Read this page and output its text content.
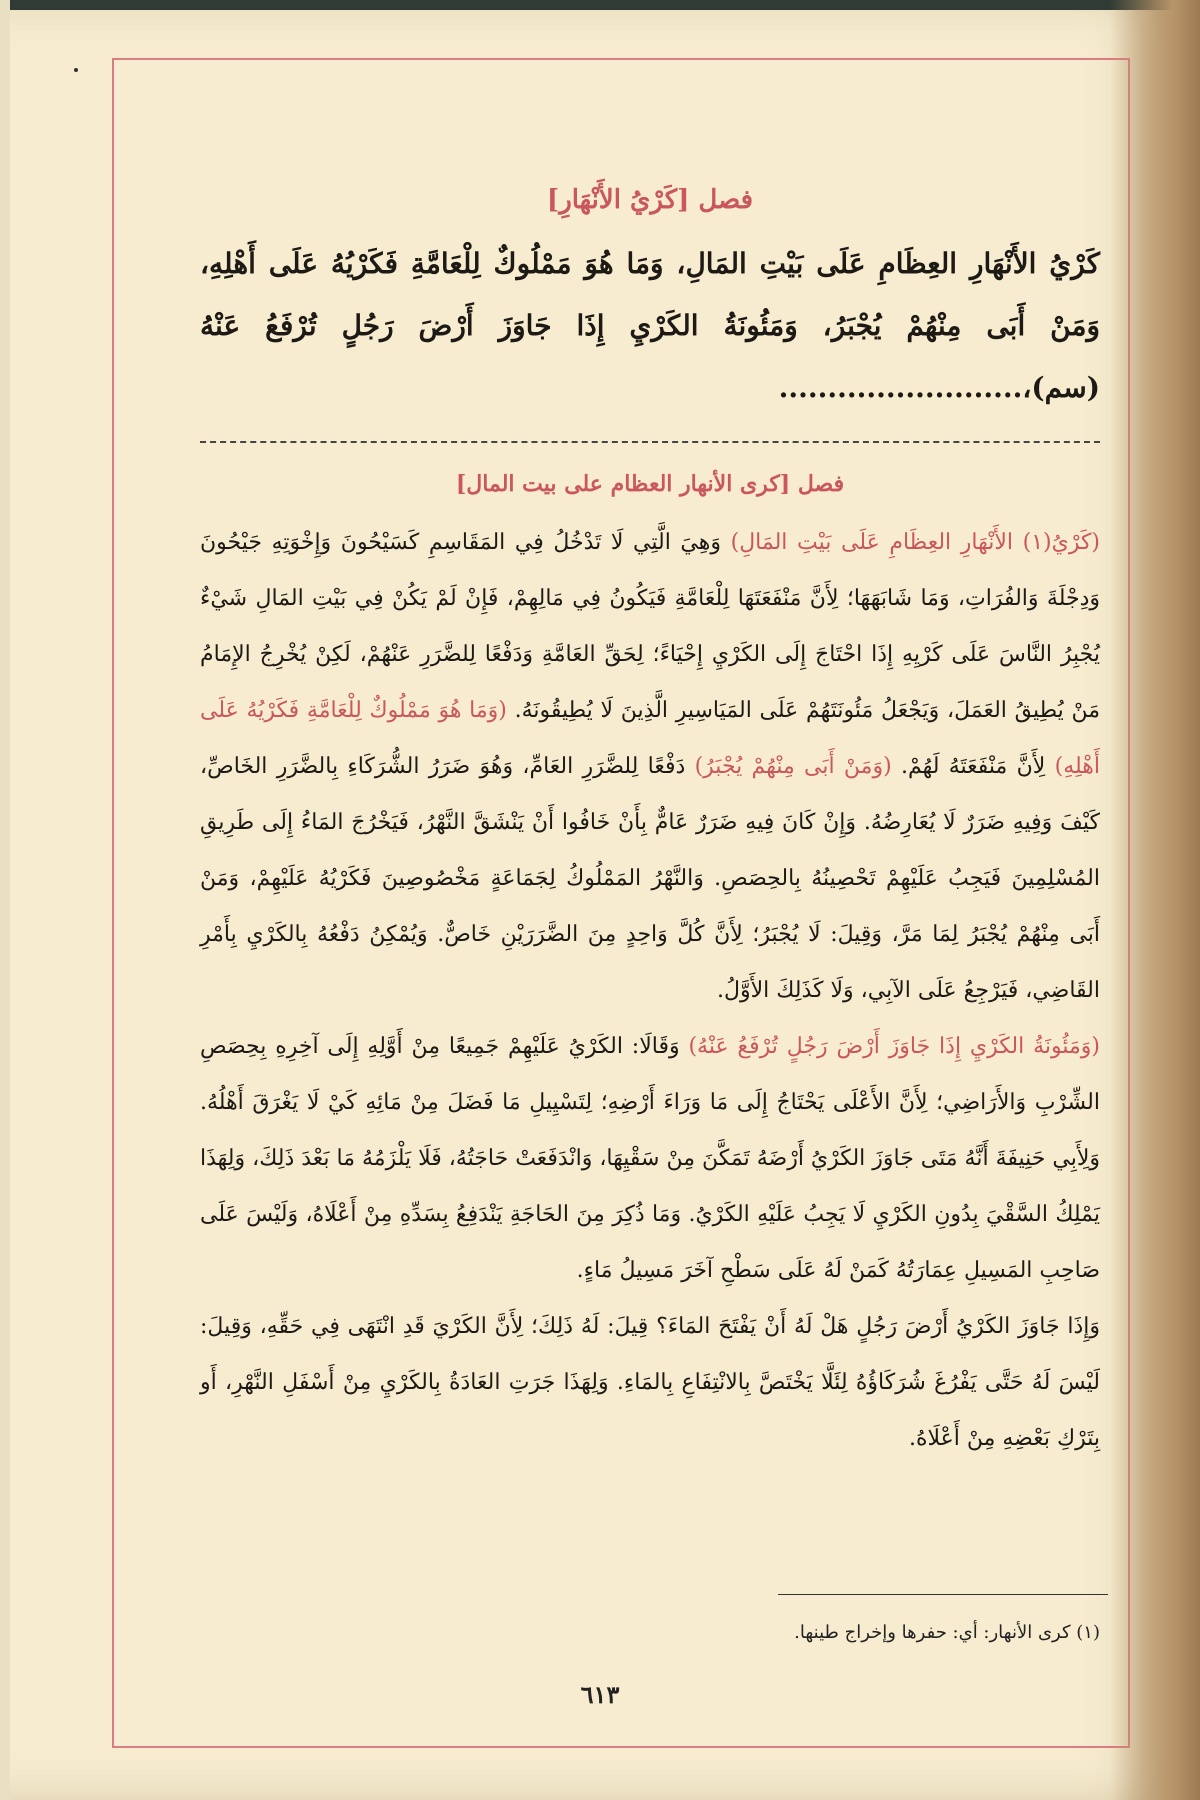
فصل [كَرْيُ الأَنْهَارِ]

كَرْيُ الأَنْهَارِ العِظَامِ عَلَى بَيْتِ المَالِ، وَمَا هُوَ مَمْلُوكٌ لِلْعَامَّةِ فَكَرْيُهُ عَلَى أَهْلِهِ، وَمَنْ أَبَى مِنْهُمْ يُجْبَرُ، وَمَئُونَةُ الكَرْيِ إِذَا جَاوَزَ أَرْضَ رَجُلٍ تُرْفَعُ عَنْهُ (سم)،.........................

فصل [كرى الأنهار العظام على بيت المال]

(كَرْيُ(١) الأَنْهَارِ العِظَامِ عَلَى بَيْتِ المَالِ) وَهِيَ الَّتِي لَا تَدْخُلُ فِي المَقَاسِمِ كَسَيْحُونَ وَإِخْوَتِهِ جَيْحُونَ وَدِجْلَةَ وَالفُرَاتِ، وَمَا شَابَهَهَا؛ لِأَنَّ مَنْفَعَتَهَا لِلْعَامَّةِ فَيَكُونُ فِي مَالِهِمْ، فَإِنْ لَمْ يَكُنْ فِي بَيْتِ المَالِ شَيْءٌ يُجْبِرُ النَّاسَ عَلَى كَرْيِهِ إِذَا احْتَاجَ إِلَى الكَرْيِ إِحْيَاءً؛ لِحَقِّ العَامَّةِ وَدَفْعًا لِلضَّرَرِ عَنْهُمْ، لَكِنْ يُخْرِجُ الإِمَامُ مَنْ يُطِيقُ العَمَلَ، وَيَجْعَلُ مَئُونَتَهُمْ عَلَى المَيَاسِيرِ الَّذِينَ لَا يُطِيقُونَهُ. (وَمَا هُوَ مَمْلُوكٌ لِلْعَامَّةِ فَكَرْيُهُ عَلَى أَهْلِهِ) لِأَنَّ مَنْفَعَتَهُ لَهُمْ. (وَمَنْ أَبَى مِنْهُمْ يُجْبَرُ) دَفْعًا لِلضَّرَرِ العَامِّ، وَهُوَ ضَرَرُ الشُّرَكَاءِ بِالضَّرَرِ الخَاصِّ، كَيْفَ وَفِيهِ ضَرَرٌ لَا يُعَارِضُهُ. وَإِنْ كَانَ فِيهِ ضَرَرٌ عَامٌّ بِأَنْ خَافُوا أَنْ يَنْشَقَّ النَّهْرُ، فَيَخْرُجَ المَاءُ إِلَى طَرِيقِ المُسْلِمِينَ فَيَجِبُ عَلَيْهِمْ تَحْصِينُهُ بِالحِصَصِ. وَالنَّهْرُ المَمْلُوكُ لِجَمَاعَةٍ مَخْصُوصِينَ فَكَرْيُهُ عَلَيْهِمْ، وَمَنْ أَبَى مِنْهُمْ يُجْبَرُ لِمَا مَرَّ، وَقِيلَ: لَا يُجْبَرُ؛ لِأَنَّ كُلَّ وَاحِدٍ مِنَ الضَّرَرَيْنِ خَاصٌّ. وَيُمْكِنُ دَفْعُهُ بِالكَرْيِ بِأَمْرِ القَاضِي، فَيَرْجِعُ عَلَى الآبِي، وَلَا كَذَلِكَ الأَوَّلُ.

(وَمَئُونَةُ الكَرْيِ إِذَا جَاوَزَ أَرْضَ رَجُلٍ تُرْفَعُ عَنْهُ) وَقَالَا: الكَرْيُ عَلَيْهِمْ جَمِيعًا مِنْ أَوَّلِهِ إِلَى آخِرِهِ بِحِصَصِ الشِّرْبِ وَالأَرَاضِي؛ لِأَنَّ الأَعْلَى يَحْتَاجُ إِلَى مَا وَرَاءَ أَرْضِهِ؛ لِتَسْيِيلِ مَا فَضَلَ مِنْ مَائِهِ كَيْ لَا يَغْرَقَ أَهْلُهُ. وَلِأَبِي حَنِيفَةَ أَنَّهُ مَتَى جَاوَزَ الكَرْيُ أَرْضَهُ تَمَكَّنَ مِنْ سَقْيِهَا، وَانْدَفَعَتْ حَاجَتُهُ، فَلَا يَلْزَمُهُ مَا بَعْدَ ذَلِكَ، وَلِهَذَا يَمْلِكُ السَّقْيَ بِدُونِ الكَرْيِ لَا يَجِبُ عَلَيْهِ الكَرْيُ. وَمَا ذُكِرَ مِنَ الحَاجَةِ يَنْدَفِعُ بِسَدِّهِ مِنْ أَعْلَاهُ، وَلَيْسَ عَلَى صَاحِبِ المَسِيلِ عِمَارَتُهُ كَمَنْ لَهُ عَلَى سَطْحِ آخَرَ مَسِيلُ مَاءٍ.

وَإِذَا جَاوَزَ الكَرْيُ أَرْضَ رَجُلٍ هَلْ لَهُ أَنْ يَفْتَحَ المَاءَ؟ قِيلَ: لَهُ ذَلِكَ؛ لِأَنَّ الكَرْيَ قَدِ انْتَهَى فِي حَقِّهِ، وَقِيلَ: لَيْسَ لَهُ حَتَّى يَفْرُغَ شُرَكَاؤُهُ لِئَلَّا يَخْتَصَّ بِالانْتِفَاعِ بِالمَاءِ. وَلِهَذَا جَرَتِ العَادَةُ بِالكَرْيِ مِنْ أَسْفَلِ النَّهْرِ، أَو بِتَرْكِ بَعْضِهِ مِنْ أَعْلَاهُ.

(١) كرى الأنهار: أي: حفرها وإخراج طينها.
٦١٣
